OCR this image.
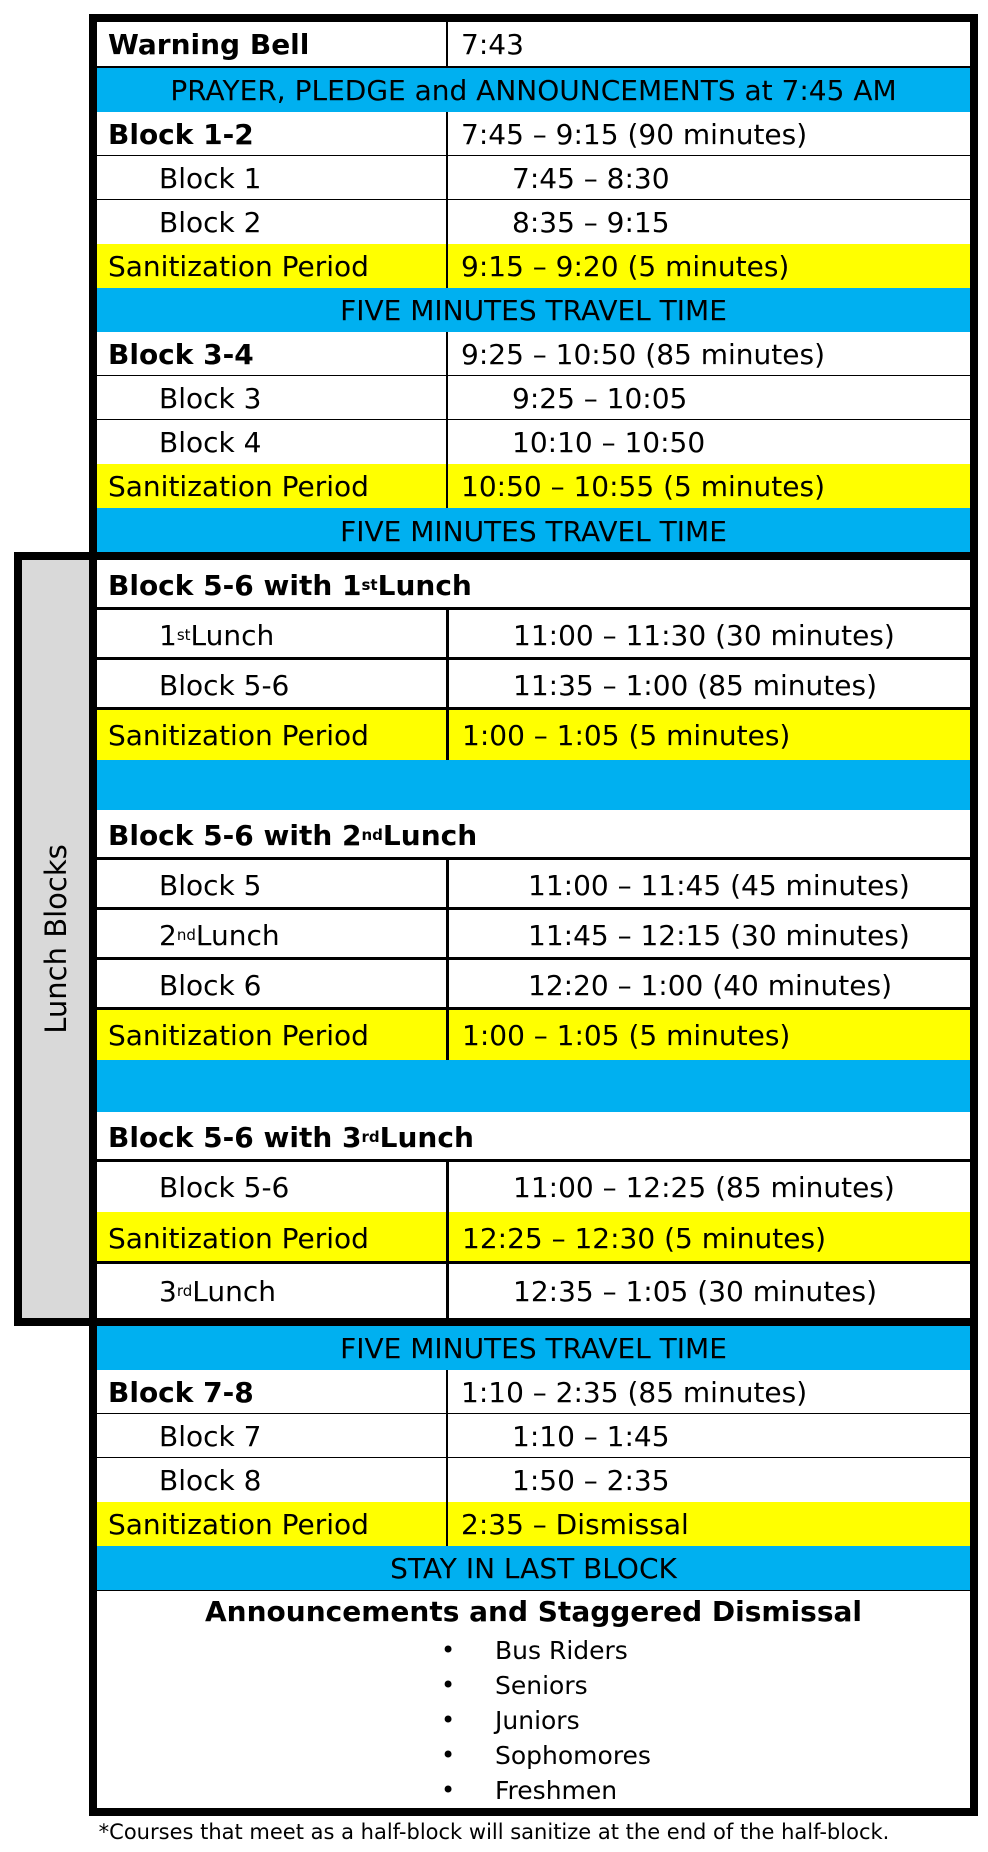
Warning Bell	7:43
PRAYER, PLEDGE and ANNOUNCEMENTS at 7:45 AM
Block 1-2	7:45 – 9:15 (90 minutes)
Block 1	7:45 – 8:30
Block 2	8:35 – 9:15
Sanitization Period	9:15 – 9:20 (5 minutes)
FIVE MINUTES TRAVEL TIME
Block 3-4	9:25 – 10:50 (85 minutes)
Block 3	9:25 – 10:05
Block 4	10:10 – 10:50
Sanitization Period	10:50 – 10:55 (5 minutes)
FIVE MINUTES TRAVEL TIME
Lunch Blocks
Block 5-6 with 1 st Lunch
1 st Lunch	11:00 – 11:30 (30 minutes)
Block 5-6	11:35 – 1:00 (85 minutes)
Sanitization Period	1:00 – 1:05 (5 minutes)
Block 5-6 with 2 nd Lunch
Block 5	11:00 – 11:45 (45 minutes)
2 nd Lunch	11:45 – 12:15 (30 minutes)
Block 6	12:20 – 1:00 (40 minutes)
Sanitization Period	1:00 – 1:05 (5 minutes)
Block 5-6 with 3 rd Lunch
Block 5-6	11:00 – 12:25 (85 minutes)
Sanitization Period	12:25 – 12:30 (5 minutes)
3 rd Lunch	12:35 – 1:05 (30 minutes)
FIVE MINUTES TRAVEL TIME
Block 7-8	1:10 – 2:35 (85 minutes)
Block 7	1:10 – 1:45
Block 8	1:50 – 2:35
Sanitization Period	2:35 – Dismissal
STAY IN LAST BLOCK
Announcements and Staggered Dismissal
• Bus Riders
• Seniors
• Juniors
• Sophomores
• Freshmen
*Courses that meet as a half-block will sanitize at the end of the half-block.
